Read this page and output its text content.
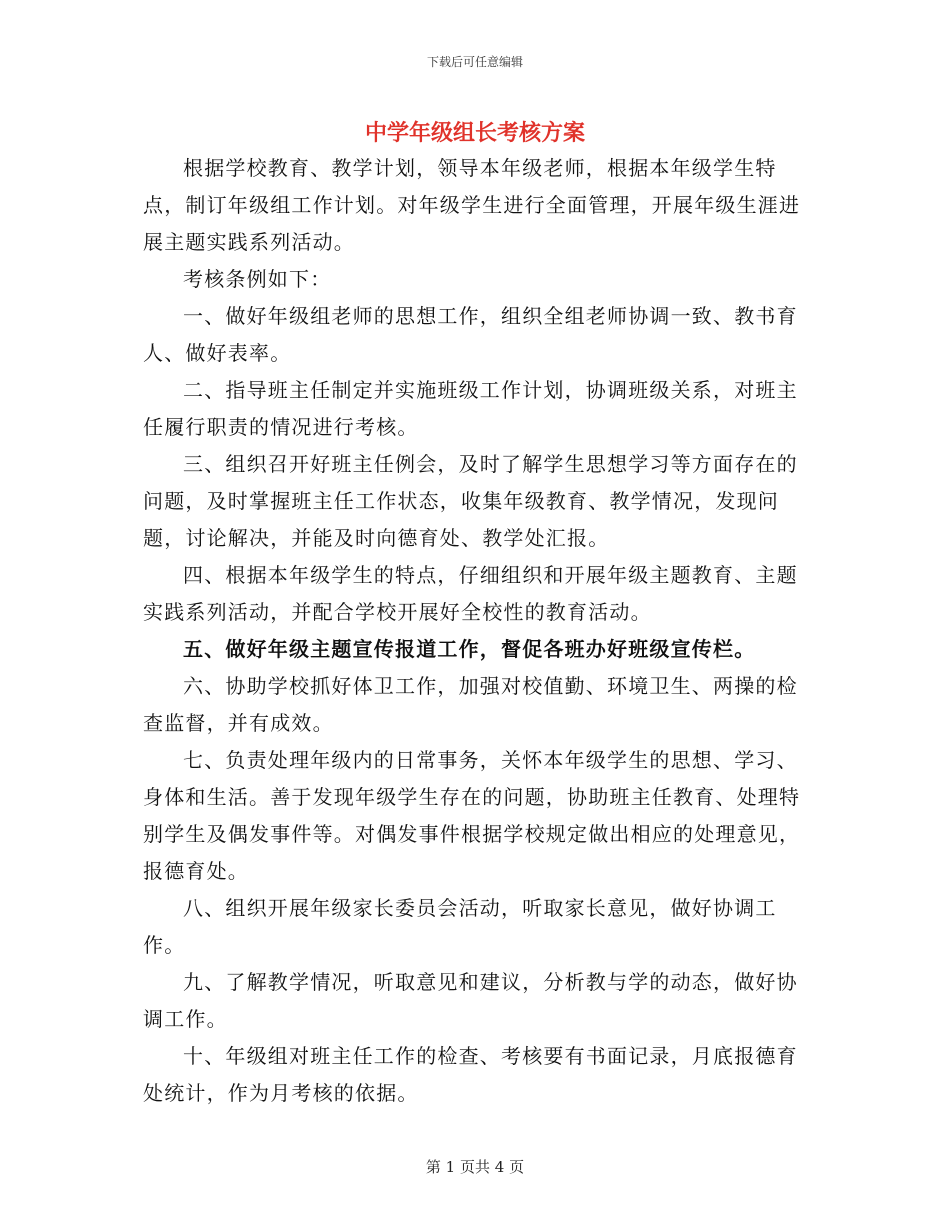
下载后可任意编辑
中学年级组长考核方案

根据学校教育、教学计划，领导本年级老师，根据本年级学生特点，制订年级组工作计划。对年级学生进行全面管理，开展年级生涯进展主题实践系列活动。

考核条例如下：

一、做好年级组老师的思想工作，组织全组老师协调一致、教书育人、做好表率。

二、指导班主任制定并实施班级工作计划，协调班级关系，对班主任履行职责的情况进行考核。

三、组织召开好班主任例会，及时了解学生思想学习等方面存在的问题，及时掌握班主任工作状态，收集年级教育、教学情况，发现问题，讨论解决，并能及时向德育处、教学处汇报。

四、根据本年级学生的特点，仔细组织和开展年级主题教育、主题实践系列活动，并配合学校开展好全校性的教育活动。

五、做好年级主题宣传报道工作，督促各班办好班级宣传栏。

六、协助学校抓好体卫工作，加强对校值勤、环境卫生、两操的检查监督，并有成效。

七、负责处理年级内的日常事务，关怀本年级学生的思想、学习、身体和生活。善于发现年级学生存在的问题，协助班主任教育、处理特别学生及偶发事件等。对偶发事件根据学校规定做出相应的处理意见，报德育处。

八、组织开展年级家长委员会活动，听取家长意见，做好协调工作。

九、了解教学情况，听取意见和建议，分析教与学的动态，做好协调工作。

十、年级组对班主任工作的检查、考核要有书面记录，月底报德育处统计，作为月考核的依据。

第 1 页共 4 页
